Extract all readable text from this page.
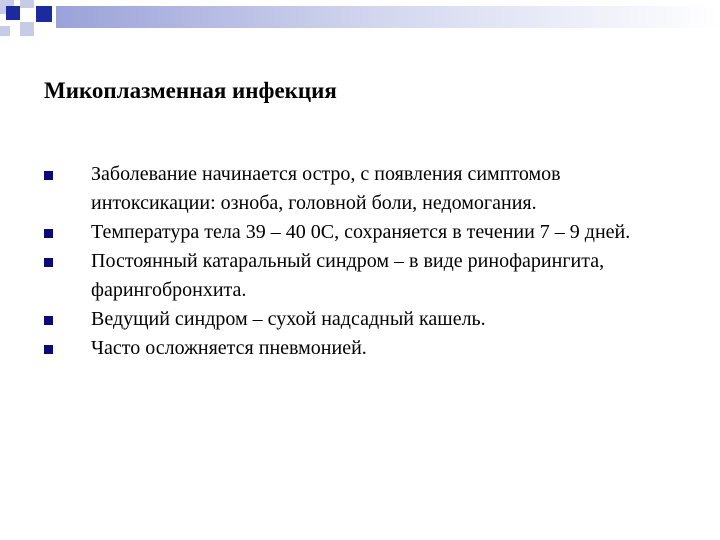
Микоплазменная инфекция
Заболевание начинается остро, с появления симптомов интоксикации: озноба, головной боли, недомогания.
Температура тела 39 – 40 0С, сохраняется в течении 7 – 9 дней.
Постоянный катаральный синдром – в виде ринофарингита, фарингобронхита.
Ведущий синдром – сухой надсадный кашель.
Часто осложняется пневмонией.
